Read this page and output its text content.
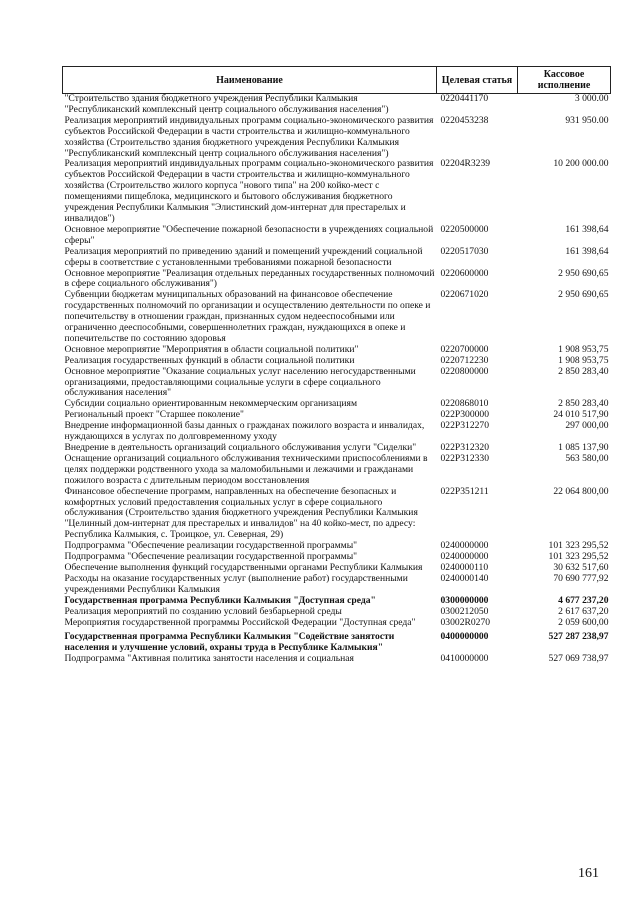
Наименование	Целевая статья	Кассовое исполнение
"Строительство здания бюджетного учреждения Республики Калмыкия "Республиканский комплексный центр социального обслуживания населения")	0220441170	3 000.00
Реализация мероприятий индивидуальных программ социально-экономического развития субъектов Российской Федерации в части строительства и жилищно-коммунального хозяйства (Строительство здания бюджетного учреждения Республики Калмыкия "Республиканский комплексный центр социального обслуживания населения")	0220453238	931 950.00
Реализация мероприятий индивидуальных программ социально-экономического развития субъектов Российской Федерации в части строительства и жилищно-коммунального хозяйства (Строительство жилого корпуса "нового типа" на 200 койко-мест с помещениями пищеблока, медицинского и бытового обслуживания бюджетного учреждения Республики Калмыкия "Элистинский дом-интернат для престарелых и инвалидов")	02204R3239	10 200 000.00
Основное мероприятие "Обеспечение пожарной безопасности в учреждениях социальной сферы"	0220500000	161 398,64
Реализация мероприятий по приведению зданий и помещений учреждений социальной сферы в соответствие с установленными требованиями пожарной безопасности	0220517030	161 398,64
Основное мероприятие "Реализация отдельных переданных государственных полномочий в сфере социального обслуживания")	0220600000	2 950 690,65
Субвенции бюджетам муниципальных образований на финансовое обеспечение государственных полномочий по организации и осуществлению деятельности по опеке и попечительству в отношении граждан, признанных судом недееспособными или ограниченно дееспособными, совершеннолетних граждан, нуждающихся в опеке и попечительстве по состоянию здоровья	0220671020	2 950 690,65
Основное мероприятие "Мероприятия в области социальной политики"	0220700000	1 908 953,75
Реализация государственных функций в области социальной политики	0220712230	1 908 953,75
Основное мероприятие "Оказание социальных услуг населению негосударственными организациями, предоставляющими социальные услуги в сфере социального обслуживания населения"	0220800000	2 850 283,40
Субсидии социально ориентированным некоммерческим организациям	0220868010	2 850 283,40
Региональный проект "Старшее поколение"	022P300000	24 010 517,90
Внедрение информационной базы данных о гражданах пожилого возраста и инвалидах, нуждающихся в услугах по долговременному уходу	022P312270	297 000,00
Внедрение в деятельность организаций социального обслуживания услуги "Сиделки"	022P312320	1 085 137,90
Оснащение организаций социального обслуживания техническими приспособлениями в целях поддержки родственного ухода за маломобильными и лежачими и гражданами пожилого возраста с длительным периодом восстановления	022P312330	563 580,00
Финансовое обеспечение программ, направленных на обеспечение безопасных и комфортных условий предоставления социальных услуг в сфере социального обслуживания (Строительство здания бюджетного учреждения Республики Калмыкия "Целинный дом-интернат для престарелых и инвалидов" на 40 койко-мест, по адресу: Республика Калмыкия, с. Троицкое, ул. Северная, 29)	022P351211	22 064 800,00
Подпрограмма "Обеспечение реализации государственной программы"	0240000000	101 323 295,52
Подпрограмма "Обеспечение реализации государственной программы"	0240000000	101 323 295,52
Обеспечение выполнения функций государственными органами Республики Калмыкия	0240000110	30 632 517,60
Расходы на оказание государственных услуг (выполнение работ) государственными учреждениями Республики Калмыкия	0240000140	70 690 777,92
Государственная программа Республики Калмыкия "Доступная среда"	0300000000	4 677 237,20
Реализация мероприятий по созданию условий безбарьерной среды	0300212050	2 617 637,20
Мероприятия государственной программы Российской Федерации "Доступная среда"	03002R0270	2 059 600,00
Государственная программа Республики Калмыкия "Содействие занятости населения и улучшение условий, охраны труда в Республике Калмыкия"	0400000000	527 287 238,97
Подпрограмма "Активная политика занятости населения и социальная	0410000000	527 069 738,97
161
